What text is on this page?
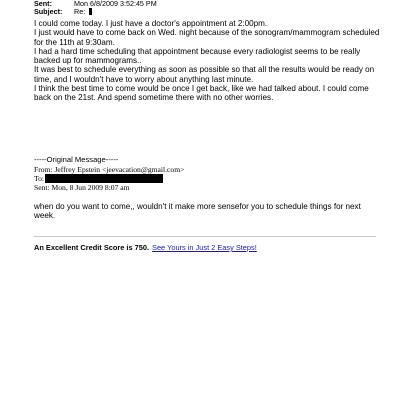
Sent:	Mon 6/8/2009 3:52:45 PM
Subject: Re:

I could come today. I just have a doctor's appointment at 2:00pm.

I just would have to come back on Wed. night because of the sonogram/mammogram scheduled for the 11th at 9:30am.

I had a hard time scheduling that appointment because every radiologist seems to be really backed up for mammograms..

It was best to schedule everything as soon as possible so that all the results would be ready on time, and I wouldn't have to worry about anything last minute.

I think the best time to come would be once I get back, like we had talked about. I could come back on the 21st. And spend sometime there with no other worries.

-----Original Message-----
From: Jeffrey Epstein <jeevacation@gmail.com>
To:
Sent: Mon, 8 Jun 2009 8:07 am
when do you want to come,, wouldn't it make more sensefor you to schedule things for next week.
An Excellent Credit Score is 750. See Yours in Just 2 Easy Steps!
